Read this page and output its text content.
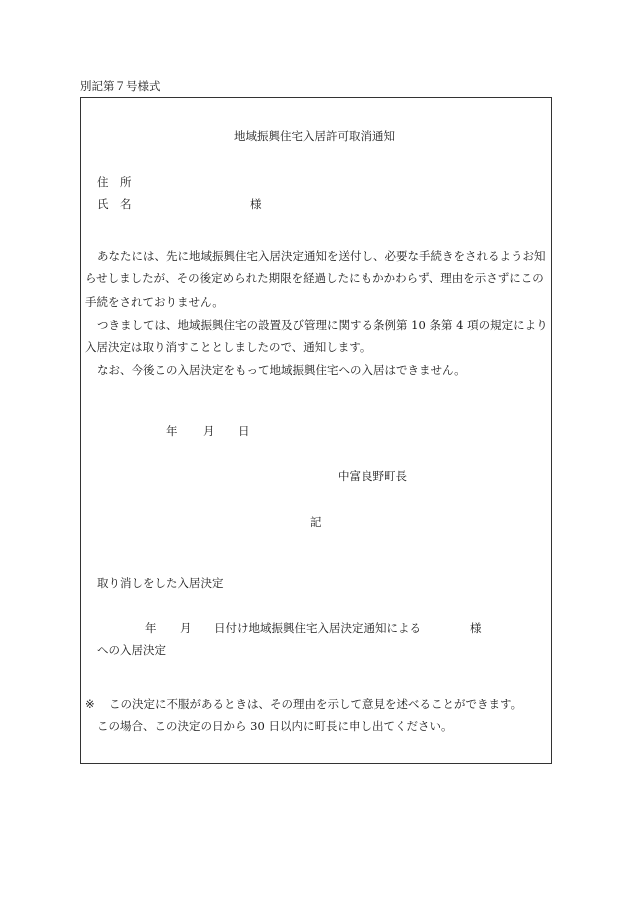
別記第７号様式
地域振興住宅入居許可取消通知
住　所
氏　名	様
あなたには、先に地域振興住宅入居決定通知を送付し、必要な手続きをされるようお知
らせしましたが、その後定められた期限を経過したにもかかわらず、理由を示さずにこの
手続をされておりません。
つきましては、地域振興住宅の設置及び管理に関する条例第 10 条第 4 項の規定により
入居決定は取り消すこととしましたので、通知します。
なお、今後この入居決定をもって地域振興住宅への入居はできません。
年 月 日
中富良野町長
記
取り消しをした入居決定
年 月 日付け地域振興住宅入居決定通知による	様
への入居決定
※ この決定に不服があるときは、その理由を示して意見を述べることができます。
この場合、この決定の日から 30 日以内に町長に申し出てください。
